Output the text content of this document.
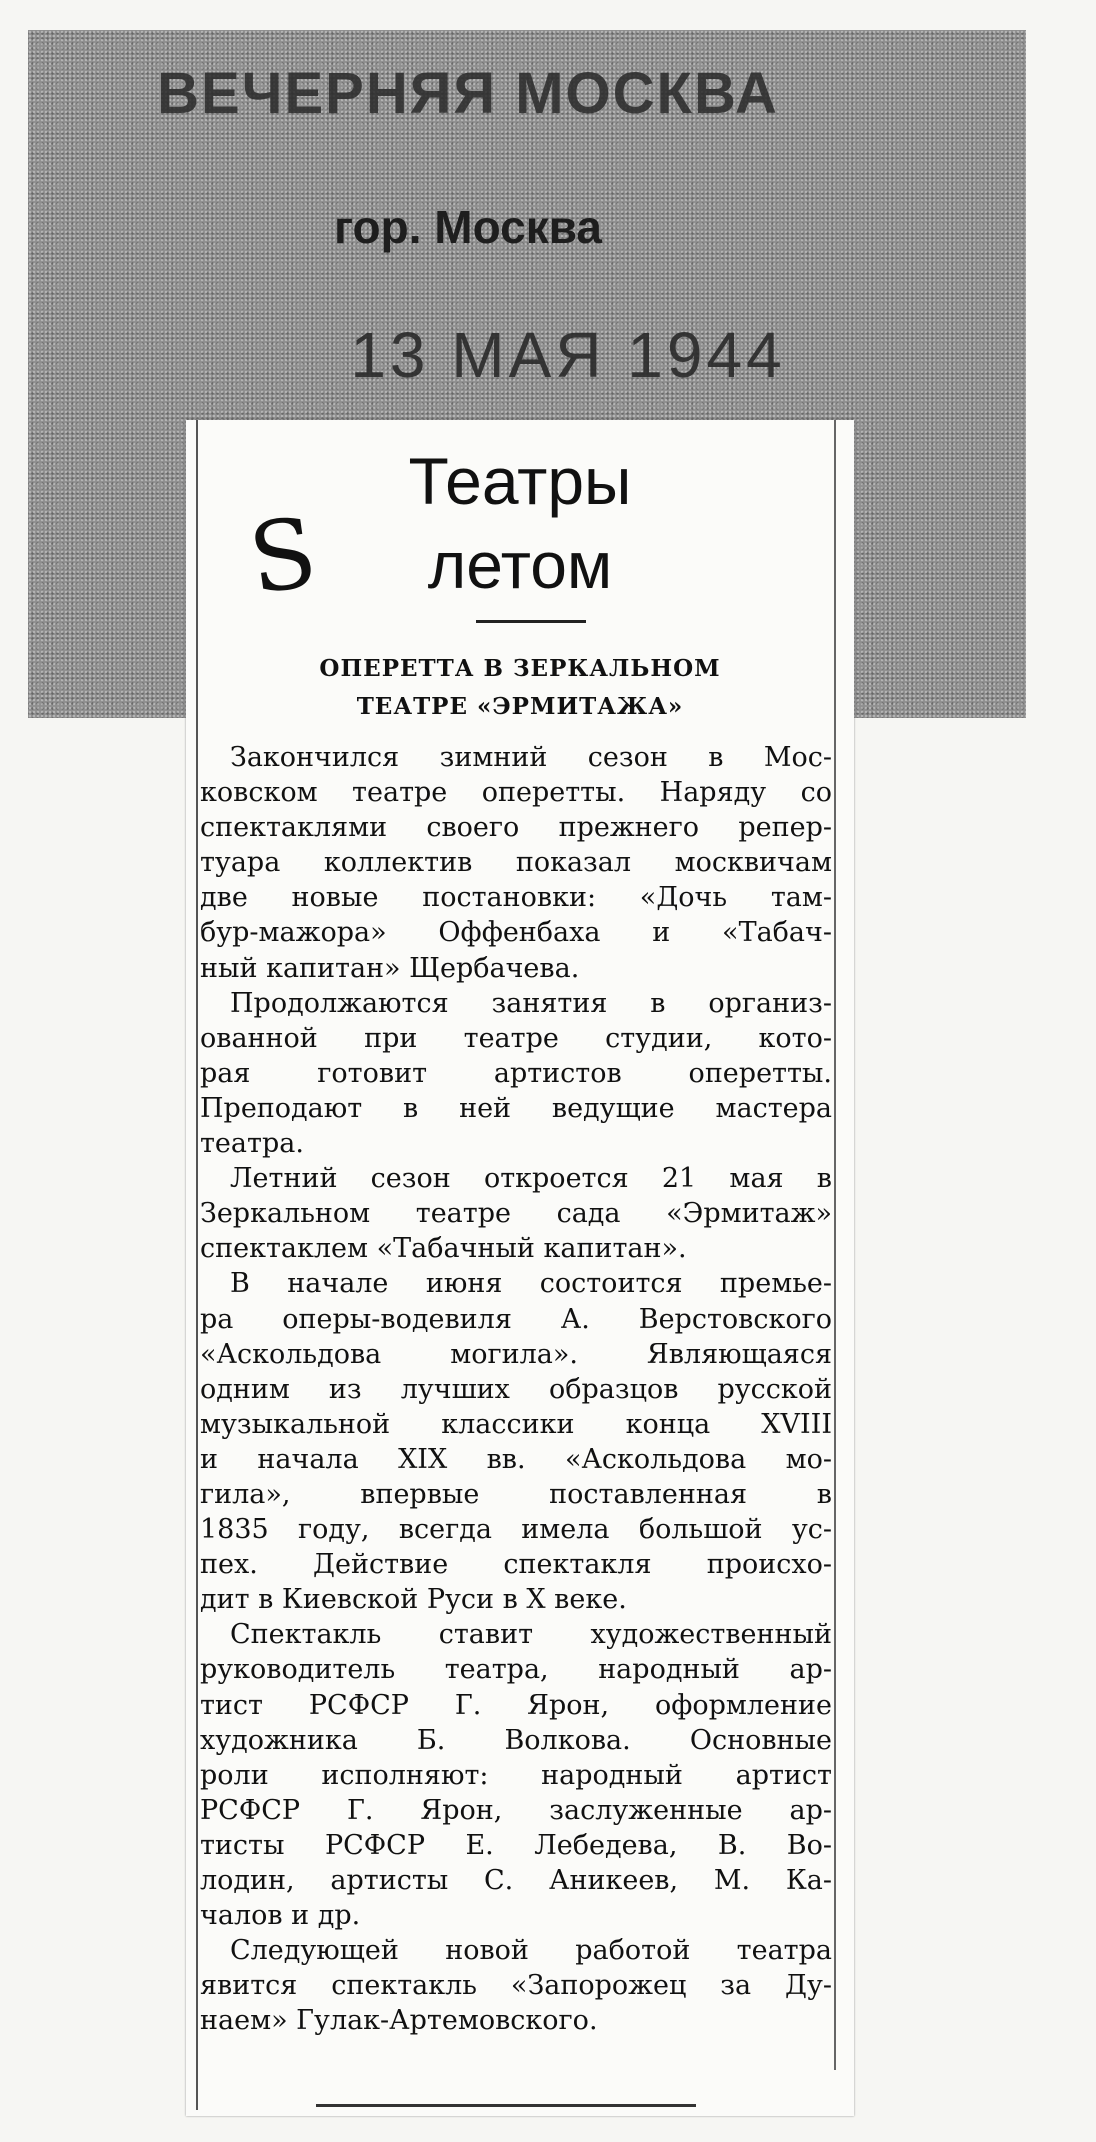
ВЕЧЕРНЯЯ МОСКВА
гор. Москва
13 МАЯ 1944
S
Театры
летом
ОПЕРЕТТА В ЗЕРКАЛЬНОМ
ТЕАТРЕ «ЭРМИТАЖА»
Закончился зимний сезон в Мос-
ковском театре оперетты. Наряду со
спектаклями своего прежнего репер-
туара коллектив показал москвичам
две новые постановки: «Дочь там-
бур-мажора» Оффенбаха и «Табач-
ный капитан» Щербачева.
Продолжаются занятия в организ-
ованной при театре студии, кото-
рая готовит артистов оперетты.
Преподают в ней ведущие мастера
театра.
Летний сезон откроется 21 мая в
Зеркальном театре сада «Эрмитаж»
спектаклем «Табачный капитан».
В начале июня состоится премье-
ра оперы-водевиля А. Верстовского
«Аскольдова могила». Являющаяся
одним из лучших образцов русской
музыкальной классики конца XVIII
и начала XIX вв. «Аскольдова мо-
гила», впервые поставленная в
1835 году, всегда имела большой ус-
пех. Действие спектакля происхо-
дит в Киевской Руси в X веке.
Спектакль ставит художественный
руководитель театра, народный ар-
тист РСФСР Г. Ярон, оформление
художника Б. Волкова. Основные
роли исполняют: народный артист
РСФСР Г. Ярон, заслуженные ар-
тисты РСФСР Е. Лебедева, В. Во-
лодин, артисты С. Аникеев, М. Ка-
чалов и др.
Следующей новой работой театра
явится спектакль «Запорожец за Ду-
наем» Гулак-Артемовского.
